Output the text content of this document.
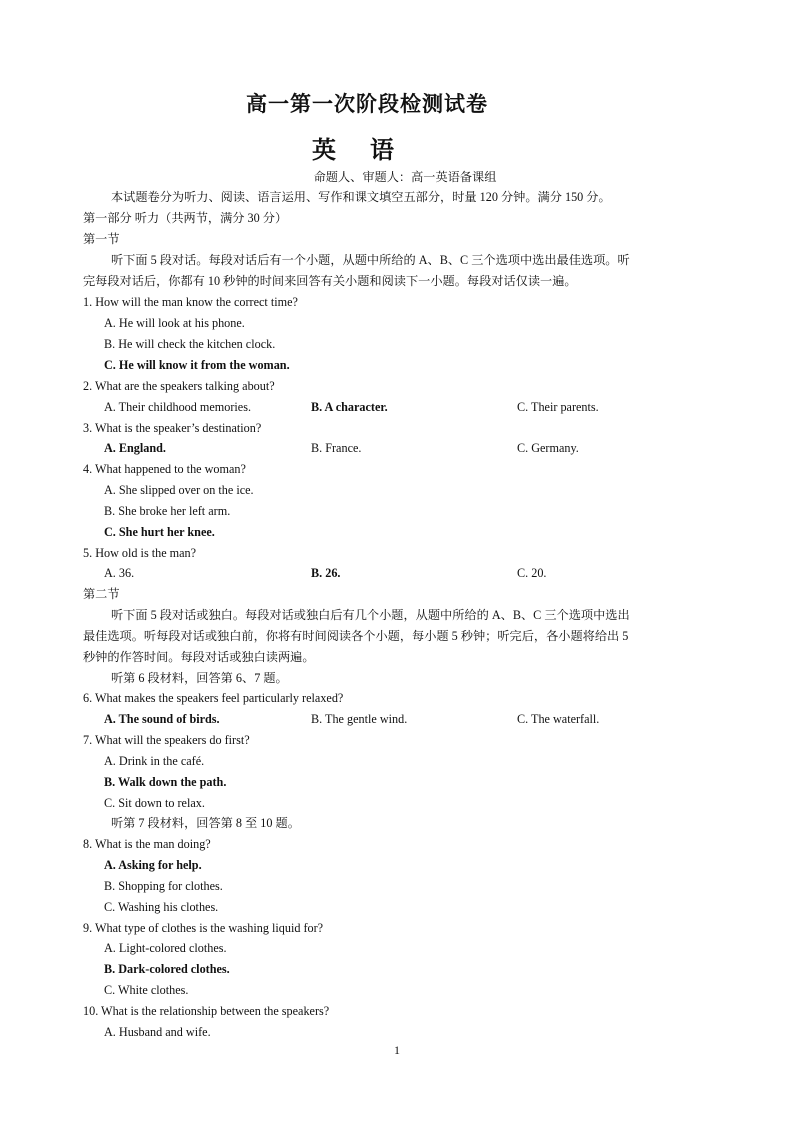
高一第一次阶段检测试卷
英 语
命题人、审题人：高一英语备课组
本试题卷分为听力、阅读、语言运用、写作和课文填空五部分，时量 120 分钟。满分 150 分。
第一部分 听力（共两节，满分 30 分）
第一节
听下面 5 段对话。每段对话后有一个小题，从题中所给的 A、B、C 三个选项中选出最佳选项。听
完每段对话后，你都有 10 秒钟的时间来回答有关小题和阅读下一小题。每段对话仅读一遍。
1. How will the man know the correct time?
A. He will look at his phone.
B. He will check the kitchen clock.
C. He will know it from the woman.
2. What are the speakers talking about?
A. Their childhood memories.	B. A character.	C. Their parents.
3. What is the speaker’s destination?
A. England.	B. France.	C. Germany.
4. What happened to the woman?
A. She slipped over on the ice.
B. She broke her left arm.
C. She hurt her knee.
5. How old is the man?
A. 36.	B. 26.	C. 20.
第二节
听下面 5 段对话或独白。每段对话或独白后有几个小题，从题中所给的 A、B、C 三个选项中选出
最佳选项。听每段对话或独白前，你将有时间阅读各个小题，每小题 5 秒钟；听完后，各小题将给出 5
秒钟的作答时间。每段对话或独白读两遍。
听第 6 段材料，回答第 6、7 题。
6. What makes the speakers feel particularly relaxed?
A. The sound of birds.	B. The gentle wind.	C. The waterfall.
7. What will the speakers do first?
A. Drink in the café.
B. Walk down the path.
C. Sit down to relax.
听第 7 段材料，回答第 8 至 10 题。
8. What is the man doing?
A. Asking for help.
B. Shopping for clothes.
C. Washing his clothes.
9. What type of clothes is the washing liquid for?
A. Light-colored clothes.
B. Dark-colored clothes.
C. White clothes.
10. What is the relationship between the speakers?
A. Husband and wife.
1
